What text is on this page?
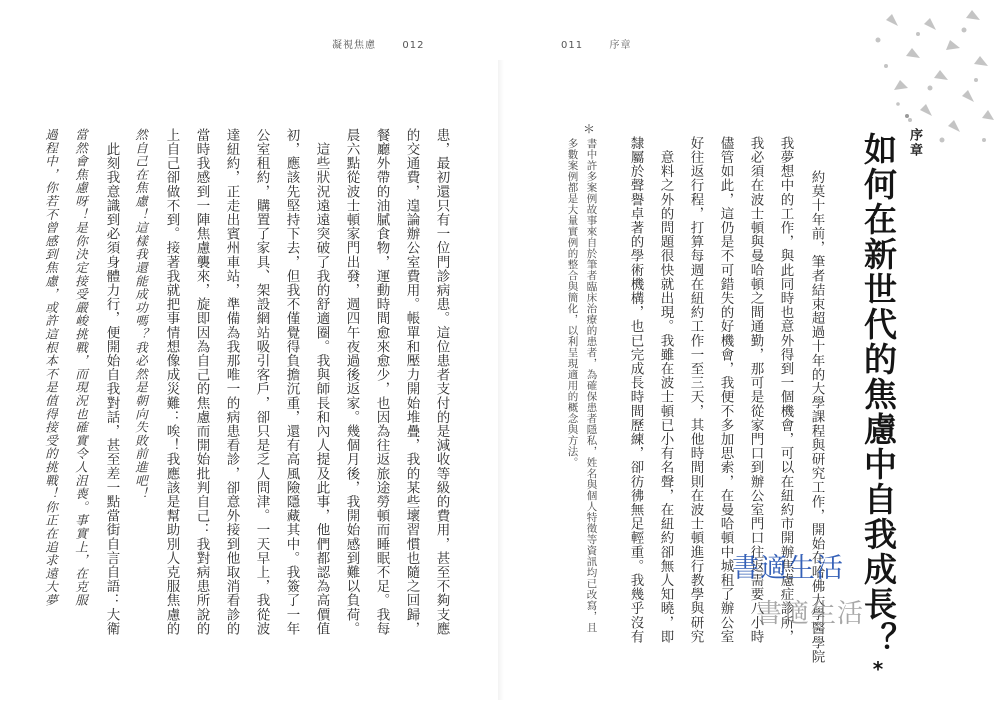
凝視焦慮	012	011	序章
序章
如何在新世代的焦慮中自我成長？*
　約莫十年前，筆者結束超過十年的大學課程與研究工作，開始在哈佛大學醫學院
我夢想中的工作，與此同時也意外得到一個機會，可以在紐約市開辦焦慮症診所，
我必須在波士頓與曼哈頓之間通勤，那可是從家門口到辦公室門口往返需要八小時
儘管如此，這仍是不可錯失的好機會，我便不多加思索，在曼哈頓中城租了辦公室
好往返行程，打算每週在紐約工作一至三天，其他時間則在波士頓進行教學與研究
　意料之外的問題很快就出現。我雖在波士頓已小有名聲，在紐約卻無人知曉，即
隸屬於聲譽卓著的學術機構，也已完成長時間歷練，卻彷彿無足輕重。我幾乎沒有
＊
書中許多案例故事來自於筆者臨床治療的患者，為確保患者隱私，姓名與個人特徵等資訊均已改寫，且
多數案例都是大量實例的整合與簡化，以利呈現適用的概念與方法。
患，最初還只有一位門診病患。這位患者支付的是減收等級的費用，甚至不夠支應
的交通費，遑論辦公室費用。帳單和壓力開始堆疊，我的某些壞習慣也隨之回歸，
餐廳外帶的油膩食物，運動時間愈來愈少，也因為往返旅途勞頓而睡眠不足。我每
晨六點從波士頓家門出發，週四午夜過後返家。幾個月後，我開始感到難以負荷。
　這些狀況遠遠突破了我的舒適圈。我與師長和內人提及此事，他們都認為高價值
初，應該先堅持下去，但我不僅覺得負擔沉重，還有高風險隱藏其中。我簽了一年
公室租約，購置了家具、架設網站吸引客戶，卻只是乏人問津。一天早上，我從波
達紐約，正走出賓州車站，準備為我那唯一的病患看診，卻意外接到他取消看診的
當時我感到一陣焦慮襲來，旋即因為自己的焦慮而開始批判自己：我對病患所說的
上自己卻做不到。接著我就把事情想像成災難：唉！我應該是幫助別人克服焦慮的
然自己在焦慮！這樣我還能成功嗎？我必然是朝向失敗前進吧！
　此刻我意識到必須身體力行，便開始自我對話，甚至差一點當街自言自語：大衛
當然會焦慮呀！是你決定接受嚴峻挑戰，而現況也確實令人沮喪。事實上，在克服
過程中，你若不曾感到焦慮，或許這根本不是值得接受的挑戰！你正在追求遠大夢	書適生活
書適生活
